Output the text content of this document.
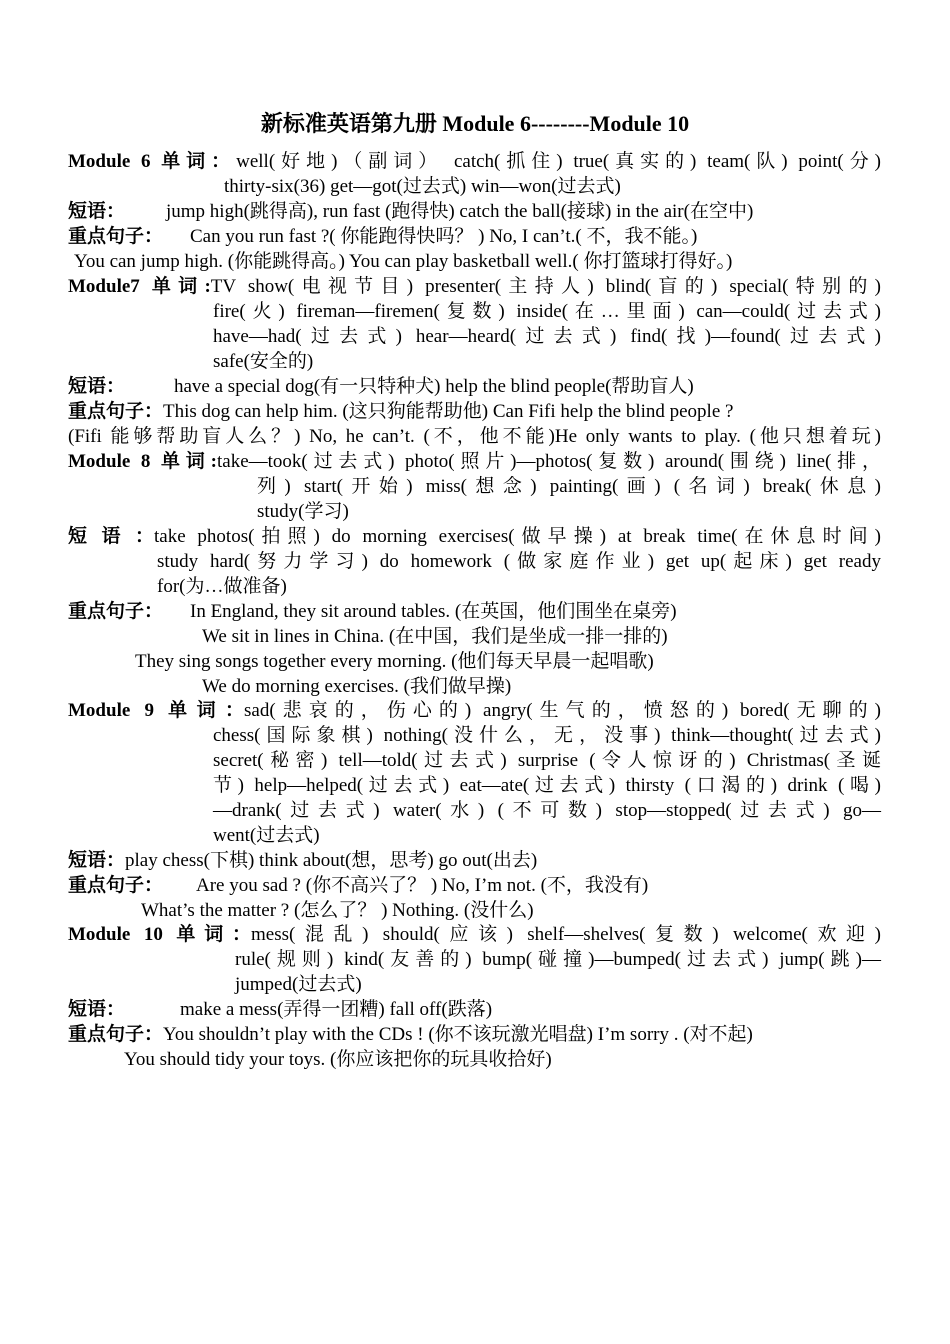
新标准英语第九册 Module 6--------Module 10
Module 6 单词：well(好地)（副词） catch(抓住) true(真实的) team(队) point(分)
thirty-six(36) get—got(过去式) win—won(过去式)
短语： jump high(跳得高), run fast (跑得快) catch the ball(接球) in the air(在空中)
重点句子： Can you run fast ?( 你能跑得快吗？ ) No, I can’t.( 不，我不能。)
You can jump high. (你能跳得高。) You can play basketball well.( 你打篮球打得好。)
Module7 单词:TV show(电视节目) presenter(主持人) blind(盲的) special(特别的)
fire(火) fireman—firemen(复数) inside(在…里面) can—could(过去式)
have—had(过去式) hear—heard(过去式) find(找)—found(过去式)
safe(安全的)
短语：	have a special dog(有一只特种犬) help the blind people(帮助盲人)
重点句子：This dog can help him. (这只狗能帮助他) Can Fifi help the blind people ?
(Fifi 能够帮助盲人么？) No, he can’t. (不，他不能)He only wants to play. (他只想着玩)
Module 8 单词:take—took(过去式) photo(照片)—photos(复数) around(围绕) line(排，
列) start(开始) miss(想念) painting(画) (名词) break(休息)
study(学习)
短语：take photos(拍照) do morning exercises(做早操) at break time(在休息时间)
study hard(努力学习) do homework (做家庭作业) get up(起床) get ready
for(为…做准备)
重点句子： In England, they sit around tables. (在英国，他们围坐在桌旁)
We sit in lines in China. (在中国，我们是坐成一排一排的)
They sing songs together every morning. (他们每天早晨一起唱歌)
We do morning exercises. (我们做早操)
Module 9 单词：sad(悲哀的，伤心的) angry(生气的，愤怒的) bored(无聊的)
chess(国际象棋) nothing(没什么，无，没事) think—thought(过去式)
secret(秘密) tell—told(过去式) surprise (令人惊讶的) Christmas(圣诞
节) help—helped(过去式) eat—ate(过去式) thirsty (口渴的) drink (喝)
—drank(过去式) water(水) (不可数) stop—stopped(过去式) go—
went(过去式)
短语：play chess(下棋) think about(想，思考) go out(出去)
重点句子： Are you sad ? (你不高兴了？ ) No, I’m not. (不，我没有)
What’s the matter ? (怎么了？ ) Nothing. (没什么)
Module 10 单词：mess(混乱) should(应该) shelf—shelves(复数) welcome(欢迎)
rule(规则) kind(友善的) bump(碰撞)—bumped(过去式) jump(跳)—
jumped(过去式)
短语：	make a mess(弄得一团糟) fall off(跌落)
重点句子：You shouldn’t play with the CDs ! (你不该玩激光唱盘) I’m sorry . (对不起)
You should tidy your toys. (你应该把你的玩具收拾好)
